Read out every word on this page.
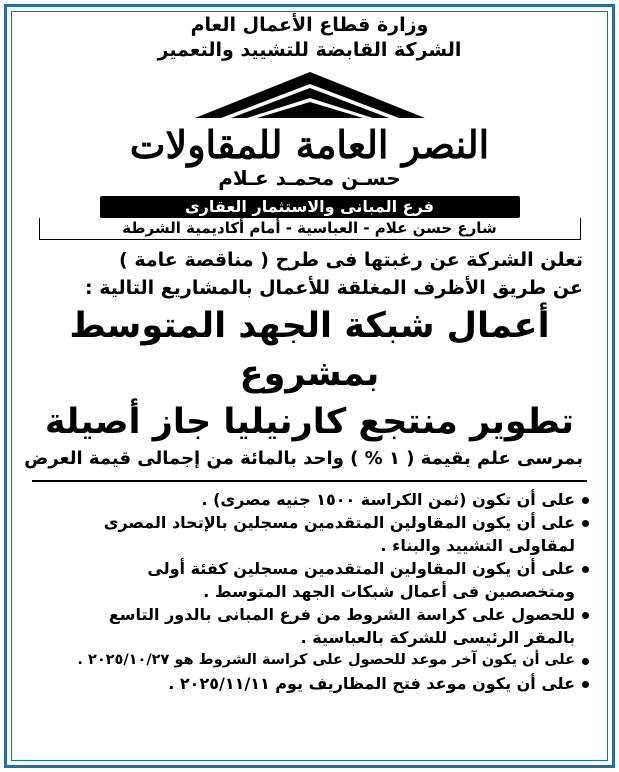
وزارة قطاع الأعمال العام
الشركة القابضة للتشييد والتعمير
النصر العامة للمقاولات
حسـن محمـد عـلام
فرع المبانى والاستثمار العقارى
شارع حسن علام - العباسية - أمام أكاديمية الشرطة
تعلن الشركة عن رغبتها فى طرح ( مناقصة عامة )
عن طريق الأظرف المغلقة للأعمال بالمشاريع التالية :
أعمال شبكة الجهد المتوسط بمشروع
تطوير منتجع كارنيليا جاز أصيلة
بمرسى علم بقيمة ( ١ % ) واحد بالمائة من إجمالى قيمة العرض
على أن تكون (ثمن الكراسة ١٥٠٠ جنيه مصرى) .
على أن يكون المقاولين المتقدمين مسجلين بالإتحاد المصرى
لمقاولى التشييد والبناء .
على أن يكون المقاولين المتقدمين مسجلين كفئة أولى
ومتخصصين فى أعمال شبكات الجهد المتوسط .
للحصول على كراسة الشروط من فرع المبانى بالدور التاسع
بالمقر الرئيسى للشركة بالعباسية .
على أن يكون آخر موعد للحصول على كراسة الشروط هو ٢٠٢٥/١٠/٢٧ .
على أن يكون موعد فتح المظاريف يوم ٢٠٢٥/١١/١١ .
